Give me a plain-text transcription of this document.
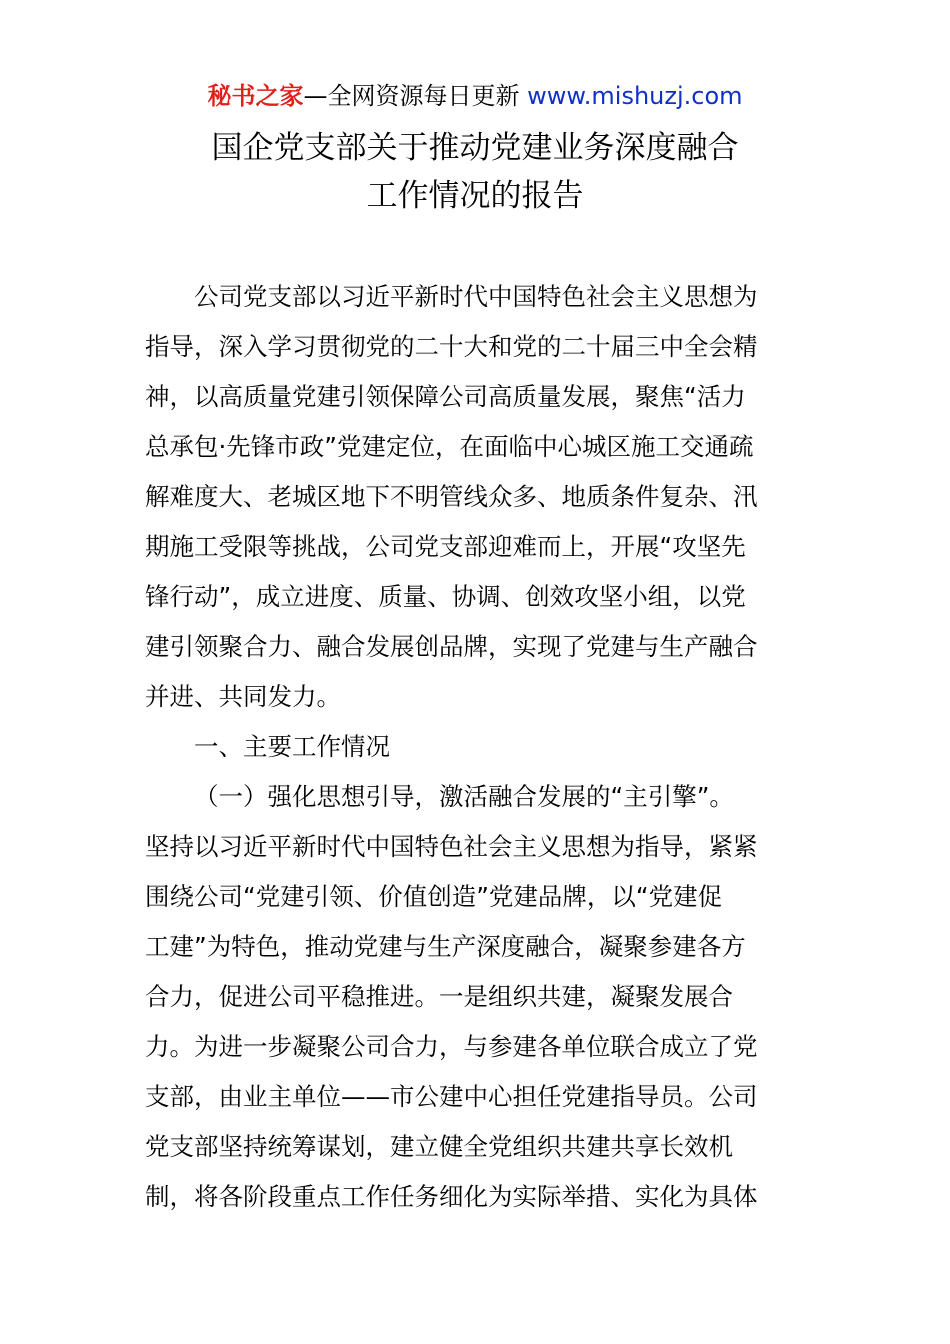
秘书之家—全网资源每日更新 www.mishuzj.com
国企党支部关于推动党建业务深度融合
工作情况的报告
公司党支部以习近平新时代中国特色社会主义思想为
指导，深入学习贯彻党的二十大和党的二十届三中全会精
神，以高质量党建引领保障公司高质量发展，聚焦“活力
总承包·先锋市政”党建定位，在面临中心城区施工交通疏
解难度大、老城区地下不明管线众多、地质条件复杂、汛
期施工受限等挑战，公司党支部迎难而上，开展“攻坚先
锋行动”，成立进度、质量、协调、创效攻坚小组，以党
建引领聚合力、融合发展创品牌，实现了党建与生产融合
并进、共同发力。
一、主要工作情况
（一）强化思想引导，激活融合发展的“主引擎”。
坚持以习近平新时代中国特色社会主义思想为指导，紧紧
围绕公司“党建引领、价值创造”党建品牌，以“党建促
工建”为特色，推动党建与生产深度融合，凝聚参建各方
合力，促进公司平稳推进。一是组织共建，凝聚发展合
力。为进一步凝聚公司合力，与参建各单位联合成立了党
支部，由业主单位——市公建中心担任党建指导员。公司
党支部坚持统筹谋划，建立健全党组织共建共享长效机
制，将各阶段重点工作任务细化为实际举措、实化为具体
